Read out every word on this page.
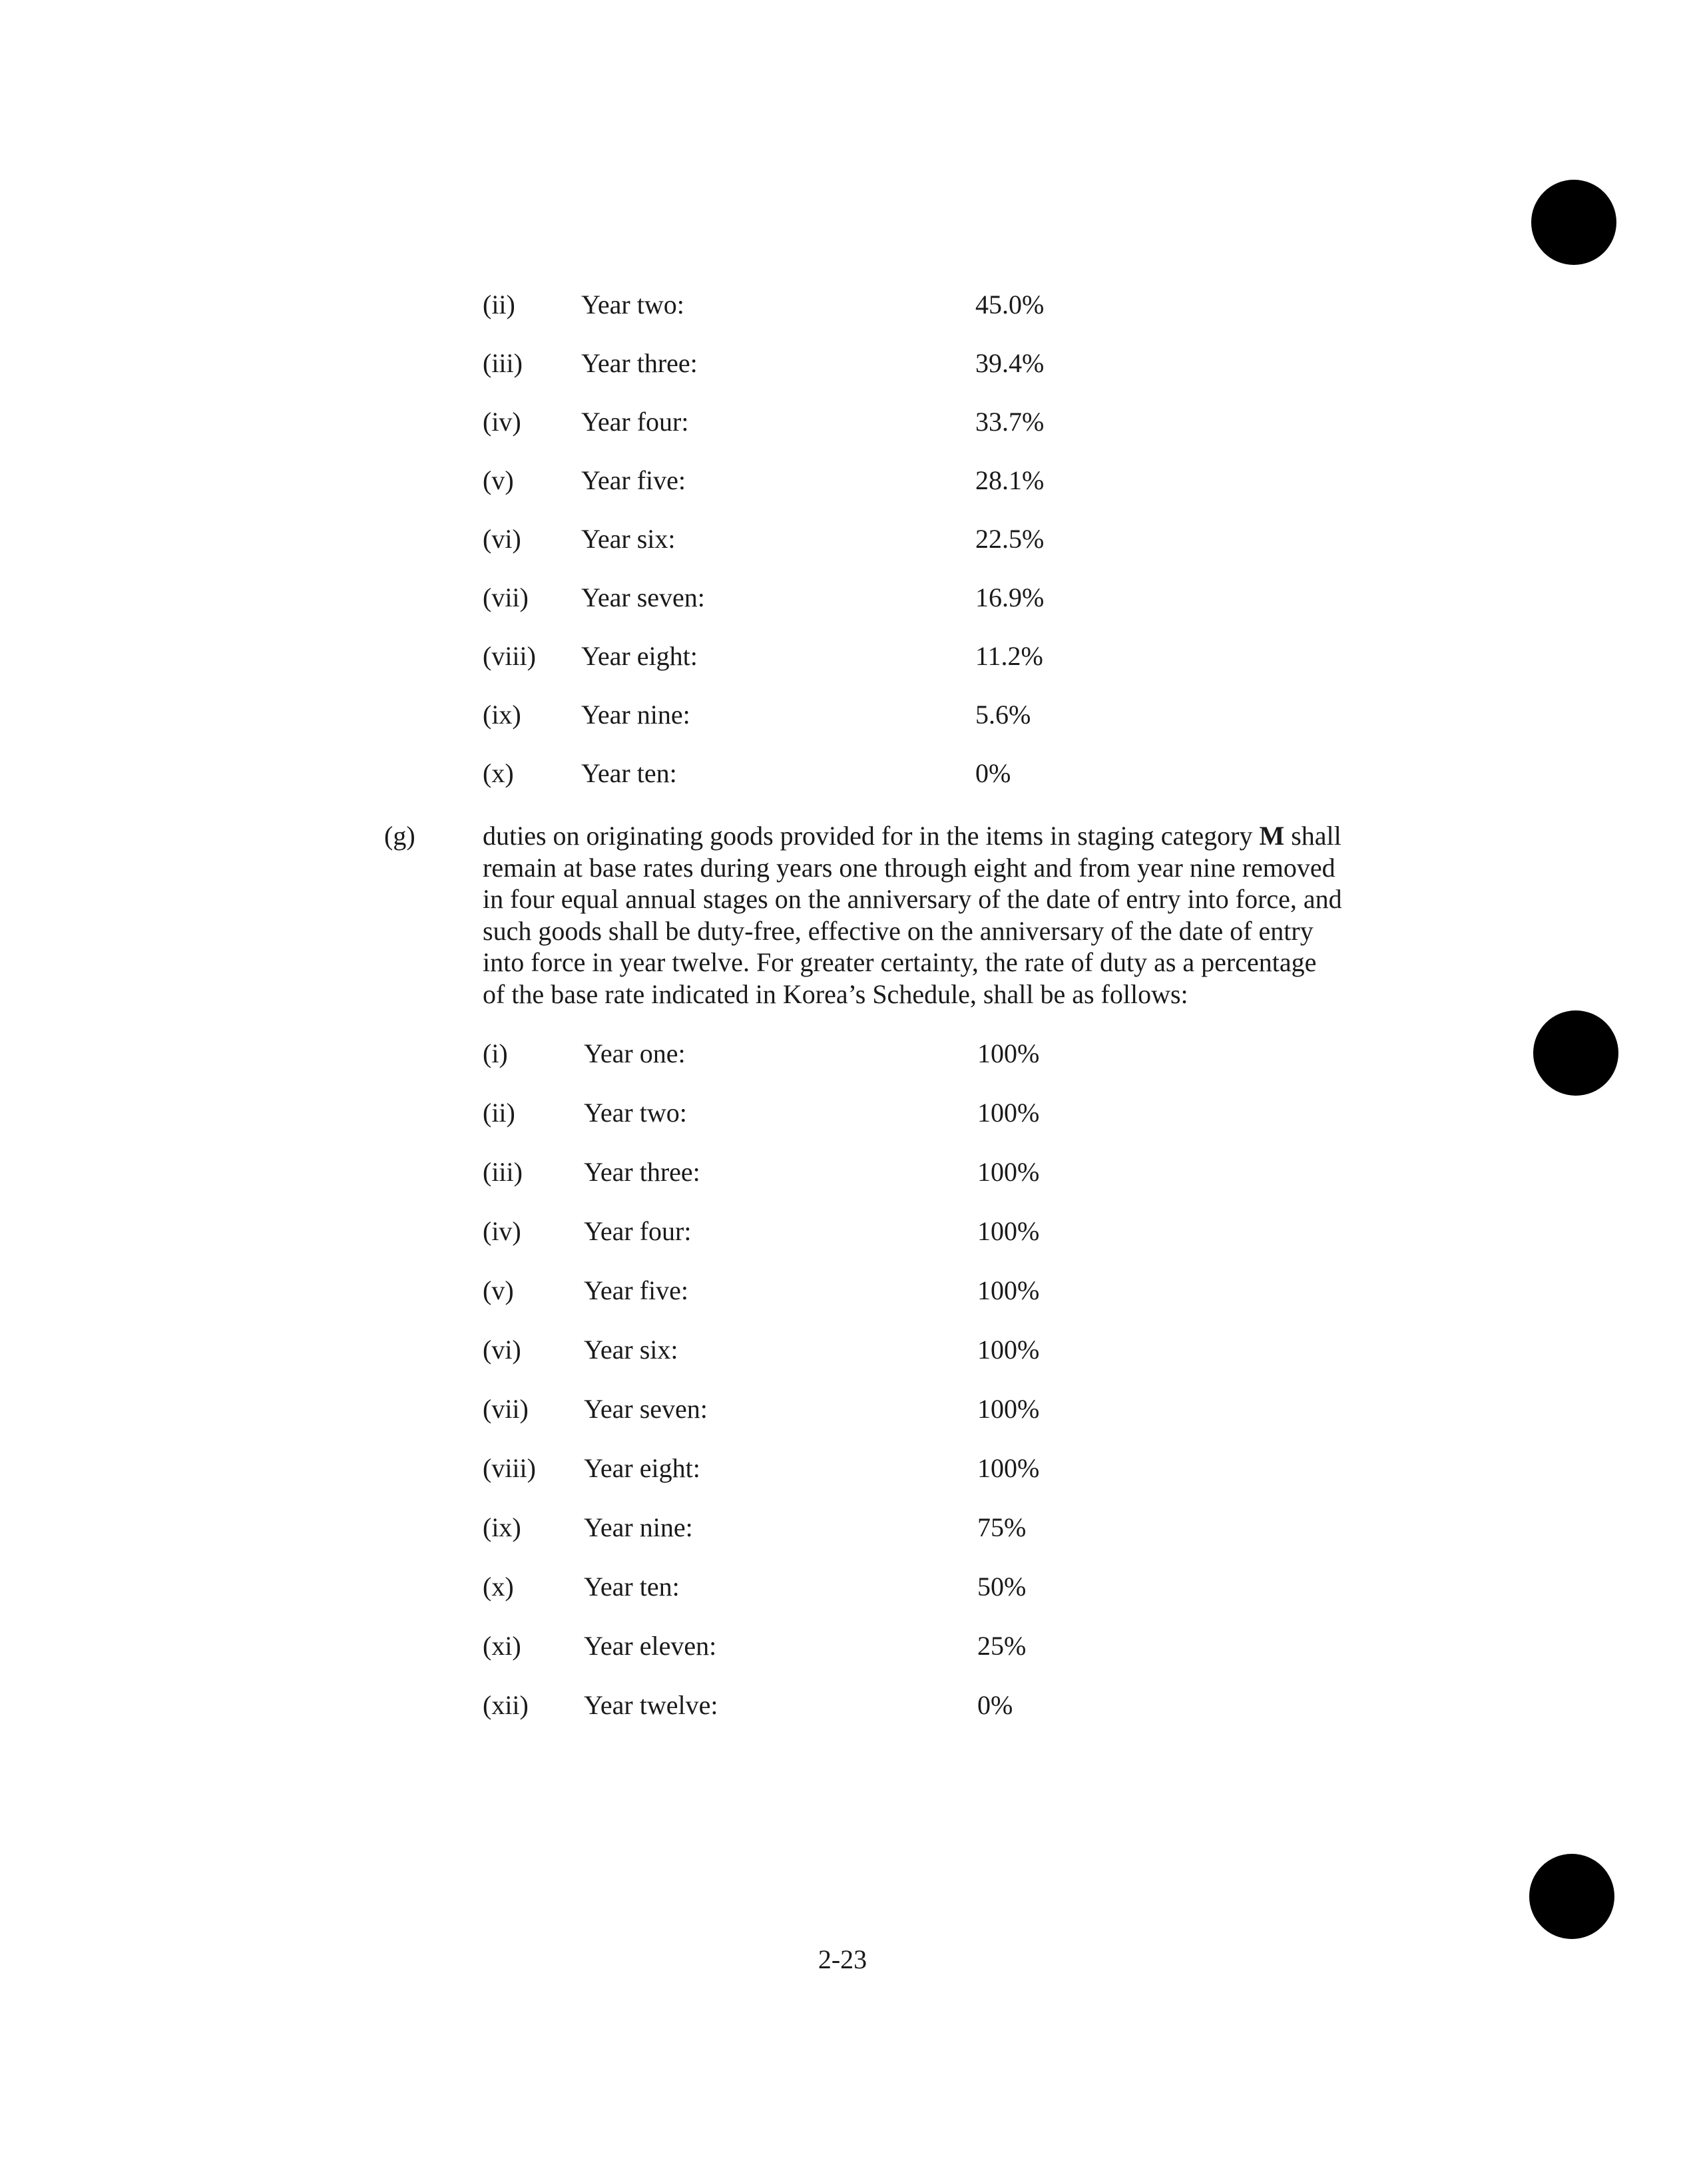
(ii) Year two:	45.0%
(iii) Year three:	39.4%
(iv) Year four:	33.7%
(v)	Year five:	28.1%
(vi) Year six:	22.5%
(vii) Year seven:	16.9%
(viii) Year eight:	11.2%
(ix) Year nine:	5.6%
(x)	Year ten:	0%
(g)	duties on originating goods provided for in the items in staging category M shall
remain at base rates during years one through eight and from year nine removed
in four equal annual stages on the anniversary of the date of entry into force, and
such goods shall be duty-free, effective on the anniversary of the date of entry
into force in year twelve. For greater certainty, the rate of duty as a percentage
of the base rate indicated in Korea’s Schedule, shall be as follows:
(i)	Year one:	100%
(ii)	Year two:	100%
(iii) Year three:	100%
(iv) Year four:	100%
(v)	Year five:	100%
(vi) Year six:	100%
(vii) Year seven:	100%
(viii) Year eight:	100%
(ix) Year nine:	75%
(x)	Year ten:	50%
(xi) Year eleven:	25%
(xii) Year twelve:	0%
2-23
